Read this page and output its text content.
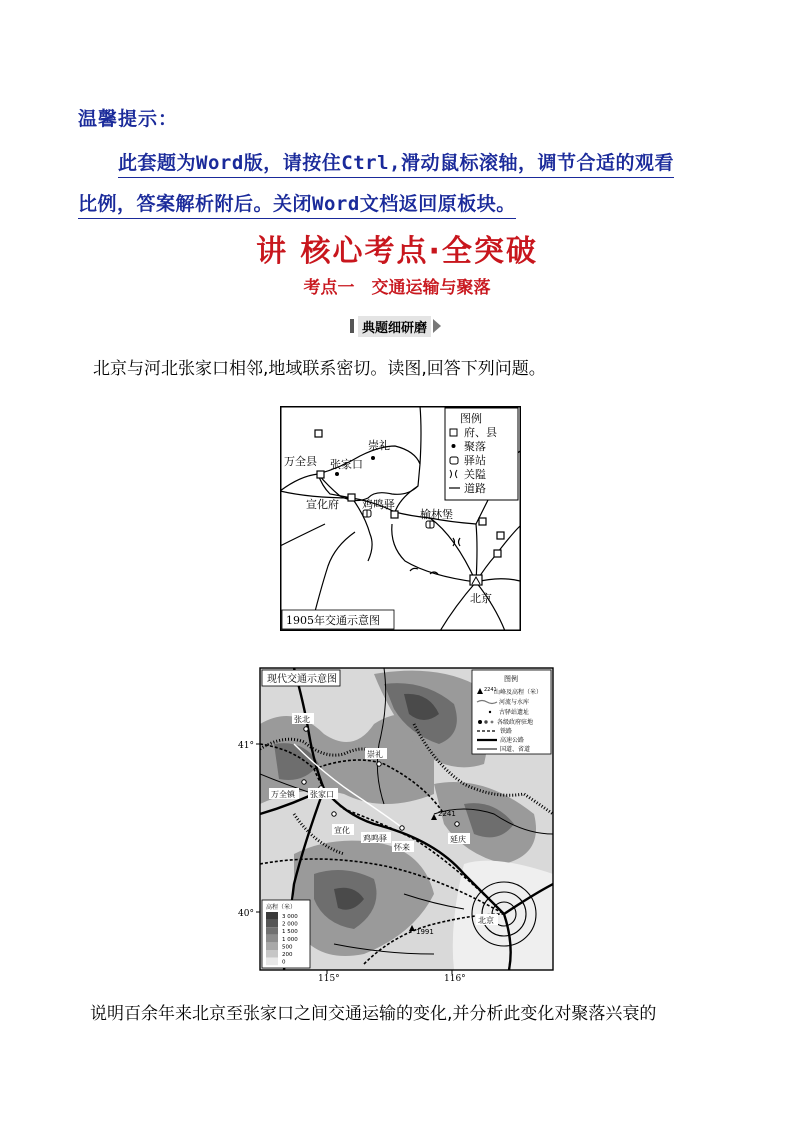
温馨提示：
此套题为Word版，请按住Ctrl,滑动鼠标滚轴，调节合适的观看
比例，答案解析附后。关闭Word文档返回原板块。
讲 核心考点·全突破
考点一　交通运输与聚落
典题细研磨
北京与河北张家口相邻,地域联系密切。读图,回答下列问题。
图例
府、县
聚落
驿站
关隘
道路
崇礼
张家口
万全县
宣化府 鸡鸣驿
榆林堡
北京
1905年交通示意图
现代交通示意图	图例
2241
山峰及高程（米）
河流与水库
古驿站遗址
各级政府驻地
铁路
高速公路
国道、省道
张北
崇礼
万全镇 张家口
宣化
鸡鸣驿
怀来
延庆
北京
2241
1991
高程（米）
3 000
2 000
1 500
1 000
500
200
0
41°
40°
115°	116°
说明百余年来北京至张家口之间交通运输的变化,并分析此变化对聚落兴衰的
